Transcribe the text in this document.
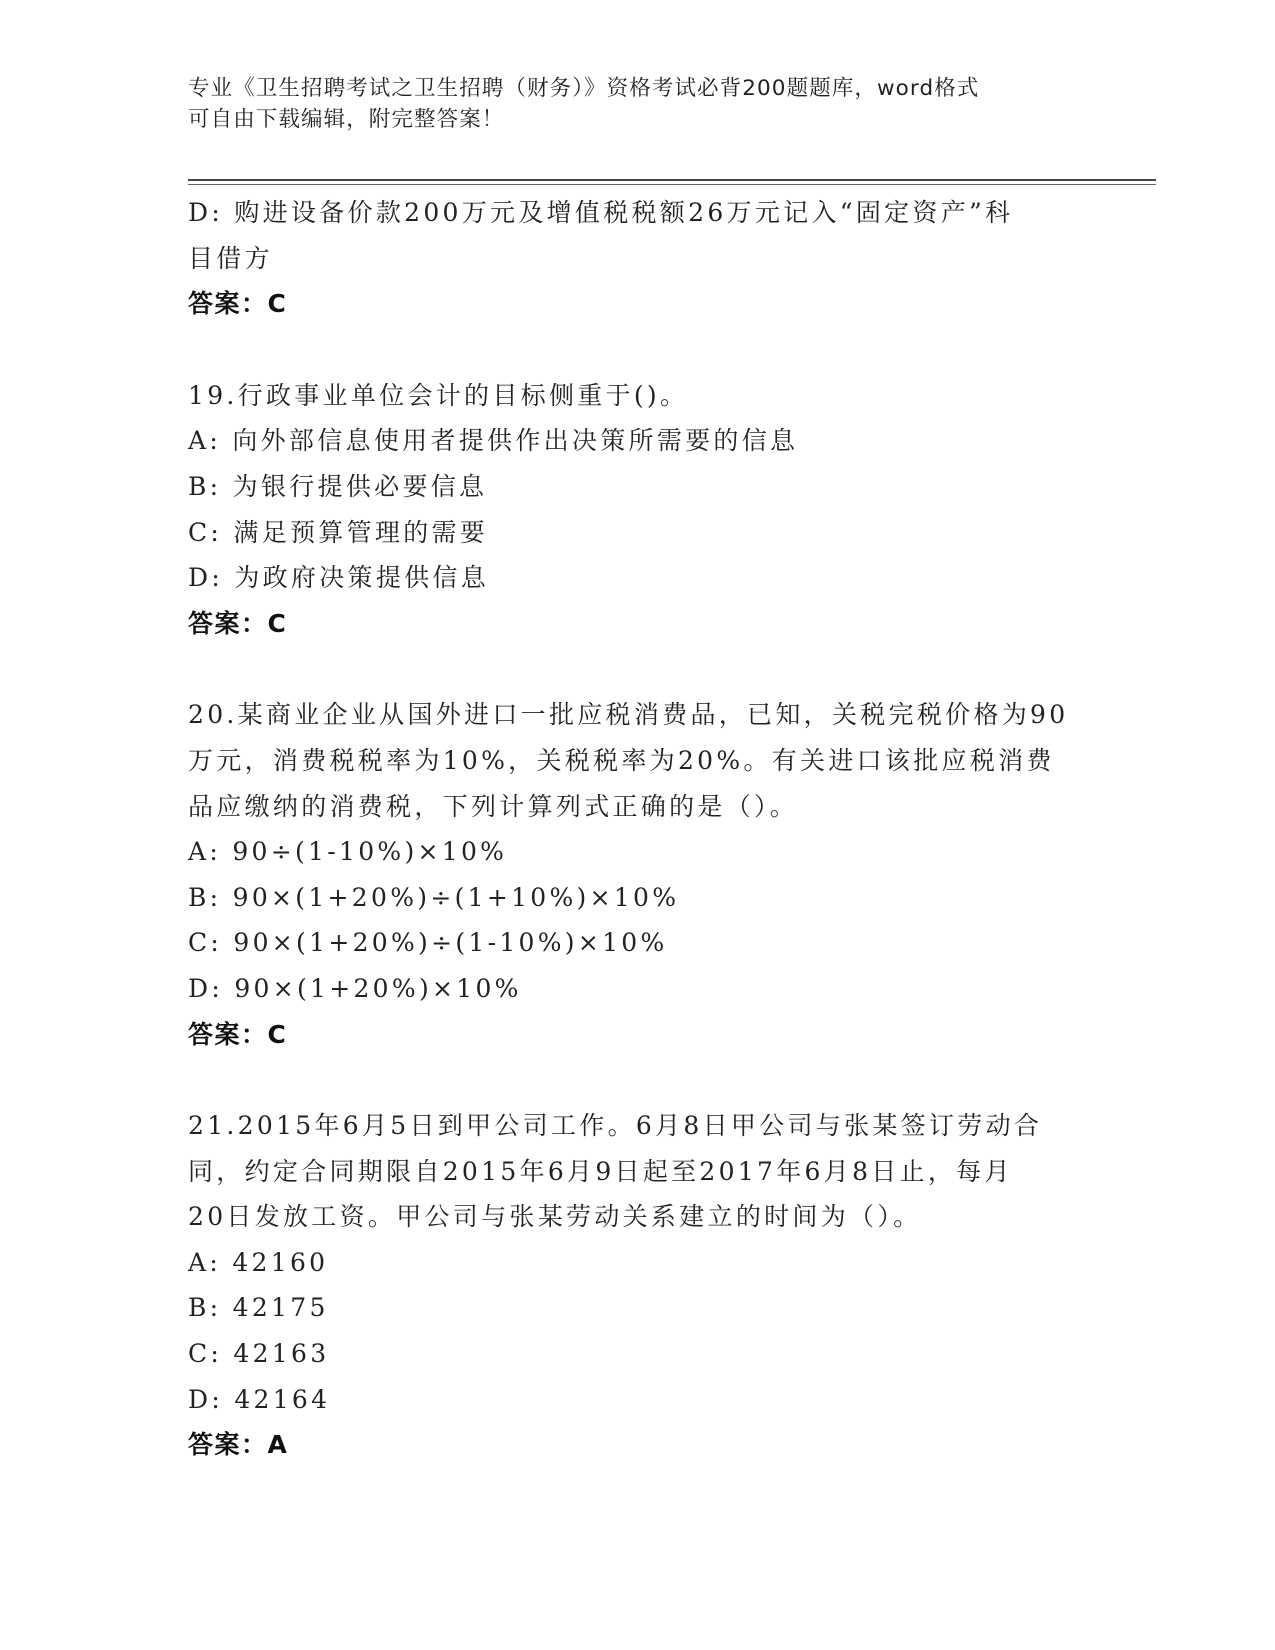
专业《卫生招聘考试之卫生招聘（财务）》资格考试必背200题题库，word格式
可自由下载编辑，附完整答案！
D: 购进设备价款200万元及增值税税额26万元记入“固定资产”科
目借方
答案：C
19.行政事业单位会计的目标侧重于()。
A: 向外部信息使用者提供作出决策所需要的信息
B: 为银行提供必要信息
C: 满足预算管理的需要
D: 为政府决策提供信息
答案：C
20.某商业企业从国外进口一批应税消费品，已知，关税完税价格为90
万元，消费税税率为10%，关税税率为20%。有关进口该批应税消费
品应缴纳的消费税，下列计算列式正确的是（）。
A: 90÷(1-10%)×10%
B: 90×(1+20%)÷(1+10%)×10%
C: 90×(1+20%)÷(1-10%)×10%
D: 90×(1+20%)×10%
答案：C
21.2015年6月5日到甲公司工作。6月8日甲公司与张某签订劳动合
同，约定合同期限自2015年6月9日起至2017年6月8日止，每月
20日发放工资。甲公司与张某劳动关系建立的时间为（）。
A: 42160
B: 42175
C: 42163
D: 42164
答案：A
